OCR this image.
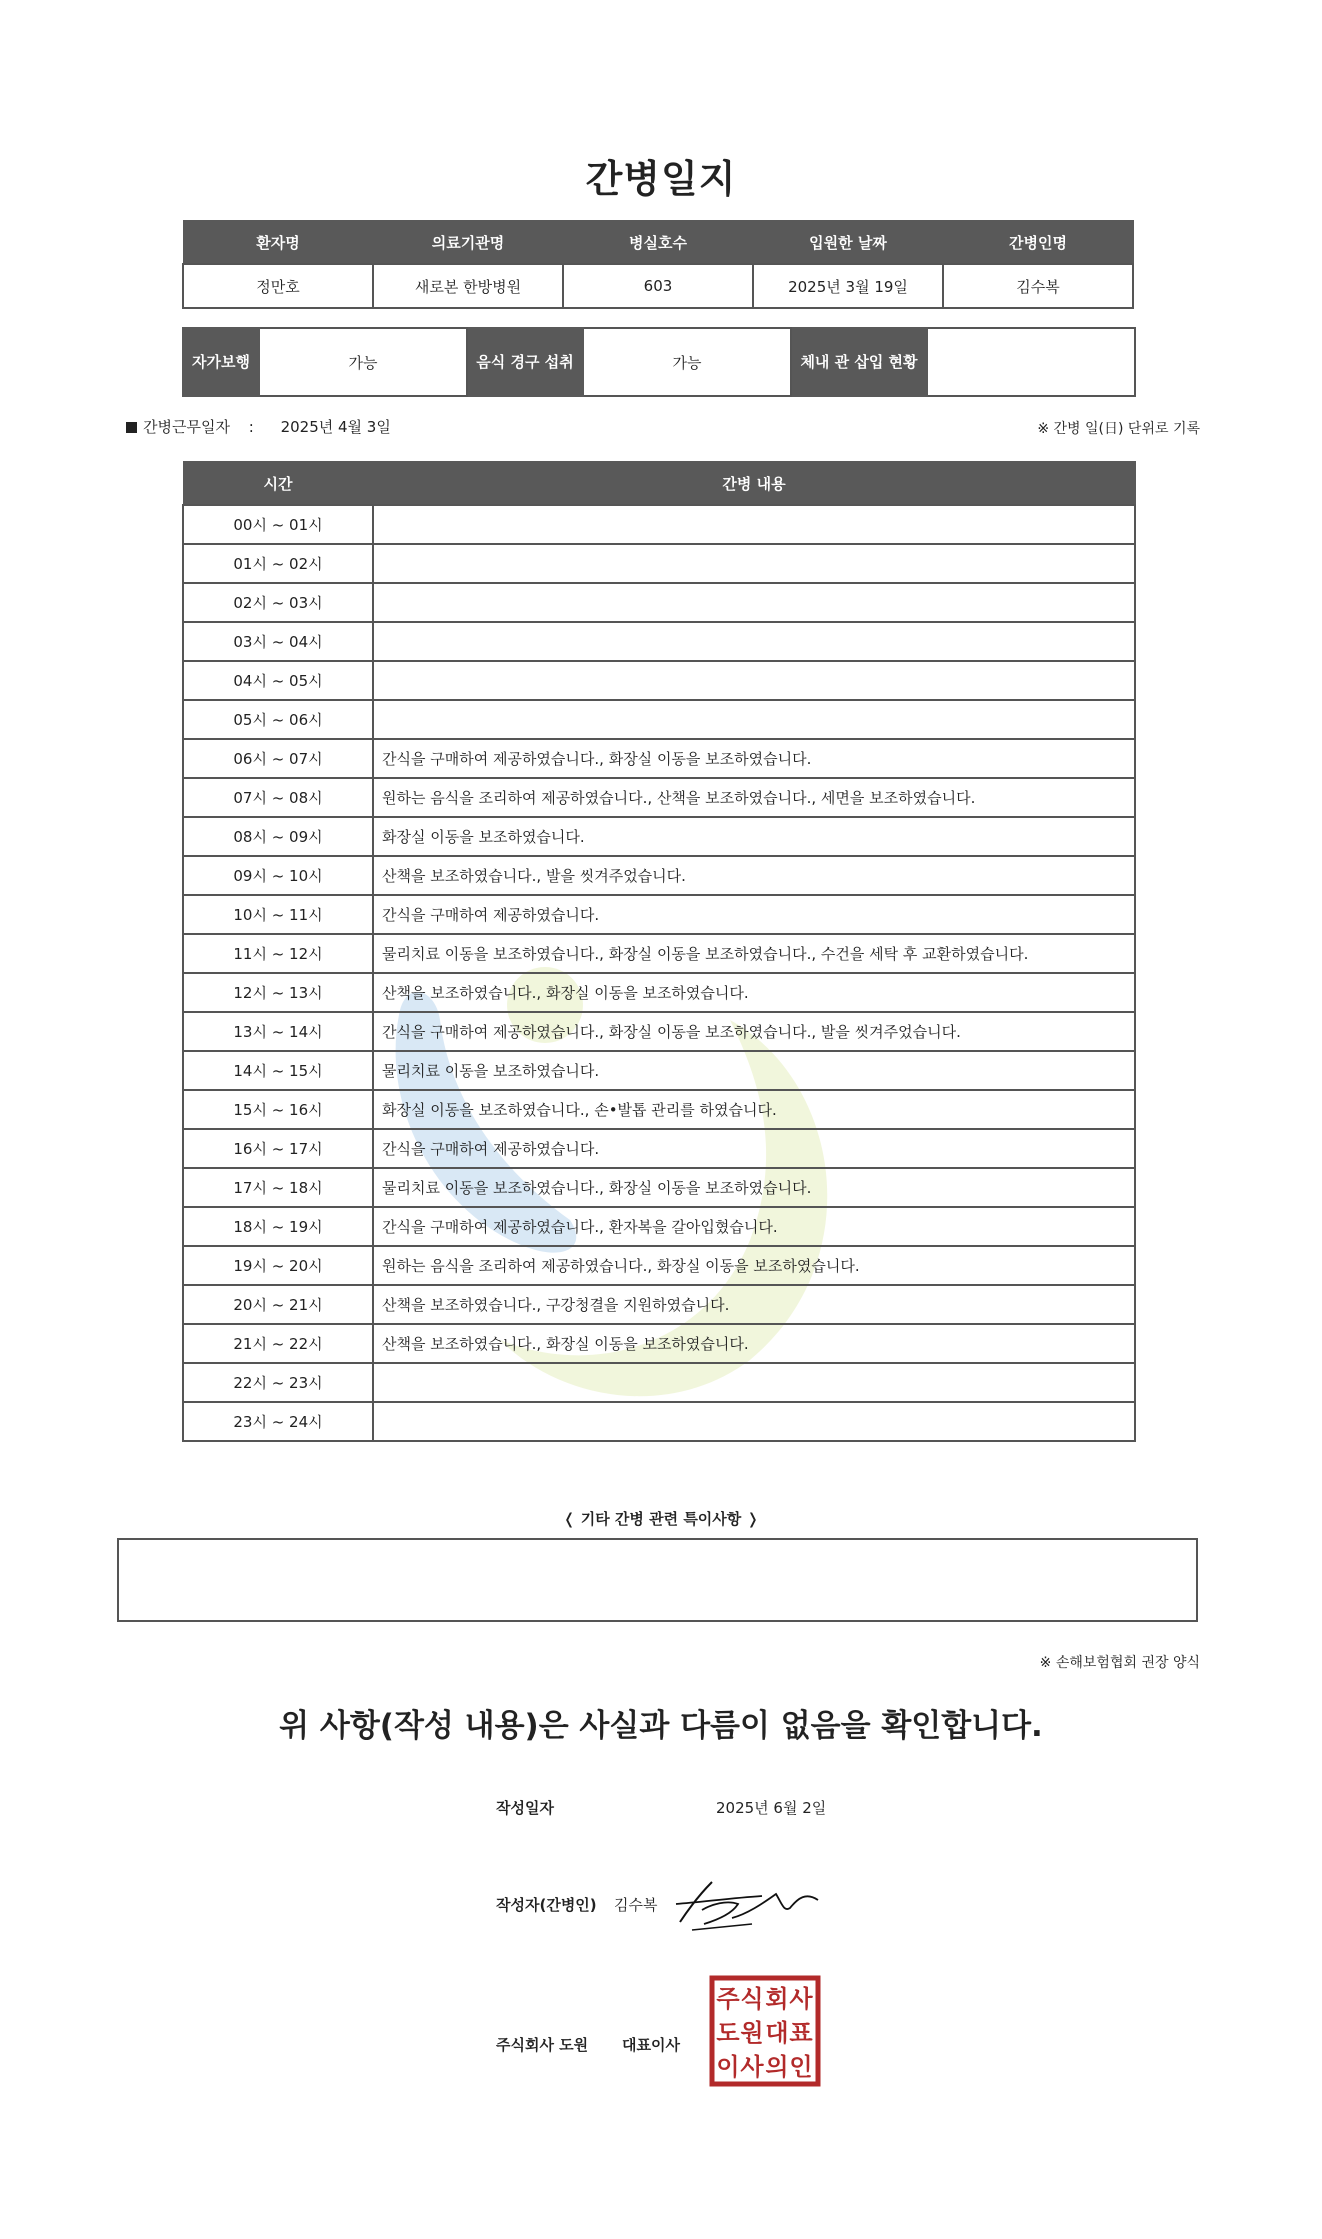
간병일지
환자명	의료기관명	병실호수	입원한 날짜	간병인명
정만호	새로본 한방병원	603	2025년 3월 19일	김수복
자가보행	가능	음식 경구 섭취	가능	체내 관 삽입 현황	
간병근무일자 : 2025년 4월 3일	※ 간병 일(日) 단위로 기록
시간	간병 내용
00시 ~ 01시	
01시 ~ 02시	
02시 ~ 03시	
03시 ~ 04시	
04시 ~ 05시	
05시 ~ 06시	
06시 ~ 07시	간식을 구매하여 제공하였습니다., 화장실 이동을 보조하였습니다.
07시 ~ 08시	원하는 음식을 조리하여 제공하였습니다., 산책을 보조하였습니다., 세면을 보조하였습니다.
08시 ~ 09시	화장실 이동을 보조하였습니다.
09시 ~ 10시	산책을 보조하였습니다., 발을 씻겨주었습니다.
10시 ~ 11시	간식을 구매하여 제공하였습니다.
11시 ~ 12시	물리치료 이동을 보조하였습니다., 화장실 이동을 보조하였습니다., 수건을 세탁 후 교환하였습니다.
12시 ~ 13시	산책을 보조하였습니다., 화장실 이동을 보조하였습니다.
13시 ~ 14시	간식을 구매하여 제공하였습니다., 화장실 이동을 보조하였습니다., 발을 씻겨주었습니다.
14시 ~ 15시	물리치료 이동을 보조하였습니다.
15시 ~ 16시	화장실 이동을 보조하였습니다., 손•발톱 관리를 하였습니다.
16시 ~ 17시	간식을 구매하여 제공하였습니다.
17시 ~ 18시	물리치료 이동을 보조하였습니다., 화장실 이동을 보조하였습니다.
18시 ~ 19시	간식을 구매하여 제공하였습니다., 환자복을 갈아입혔습니다.
19시 ~ 20시	원하는 음식을 조리하여 제공하였습니다., 화장실 이동을 보조하였습니다.
20시 ~ 21시	산책을 보조하였습니다., 구강청결을 지원하였습니다.
21시 ~ 22시	산책을 보조하였습니다., 화장실 이동을 보조하였습니다.
22시 ~ 23시	
23시 ~ 24시	
❬ 기타 간병 관련 특이사항 ❭
※ 손해보험협회 권장 양식
위 사항(작성 내용)은 사실과 다름이 없음을 확인합니다.
작성일자	2025년 6월 2일
작성자(간병인) 김수복
주식회사 도원 대표이사
주 식 회 사
도 원 대 표
이 사 의 인
